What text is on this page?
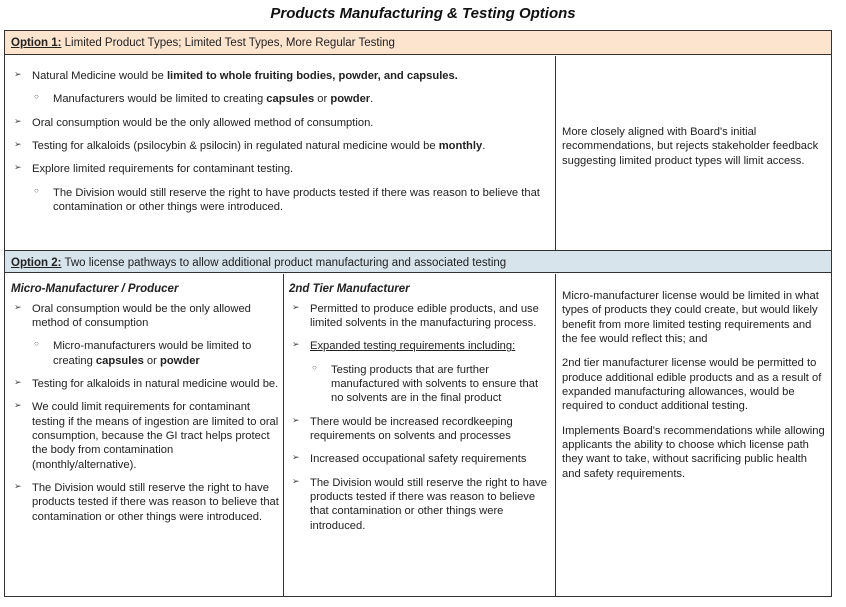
Products Manufacturing & Testing Options
Option 1: Limited Product Types; Limited Test Types, More Regular Testing
➢ Natural Medicine would be limited to whole fruiting bodies, powder, and capsules.
○ Manufacturers would be limited to creating capsules or powder.
➢ Oral consumption would be the only allowed method of consumption.
➢ Testing for alkaloids (psilocybin & psilocin) in regulated natural medicine would be monthly.
➢ Explore limited requirements for contaminant testing.
○ The Division would still reserve the right to have products tested if there was reason to believe that contamination or other things were introduced.

More closely aligned with Board's initial recommendations, but rejects stakeholder feedback suggesting limited product types will limit access.

Option 2: Two license pathways to allow additional product manufacturing and associated testing
Micro-Manufacturer / Producer
➢ Oral consumption would be the only allowed method of consumption
○ Micro-manufacturers would be limited to creating capsules or powder
➢ Testing for alkaloids in natural medicine would be.
➢ We could limit requirements for contaminant testing if the means of ingestion are limited to oral consumption, because the GI tract helps protect the body from contamination (monthly/alternative).
➢ The Division would still reserve the right to have products tested if there was reason to believe that contamination or other things were introduced.
2nd Tier Manufacturer
➢ Permitted to produce edible products, and use limited solvents in the manufacturing process.
➢ Expanded testing requirements including:
○ Testing products that are further manufactured with solvents to ensure that no solvents are in the final product
➢ There would be increased recordkeeping requirements on solvents and processes
➢ Increased occupational safety requirements
➢ The Division would still reserve the right to have products tested if there was reason to believe that contamination or other things were introduced.

Micro-manufacturer license would be limited in what types of products they could create, but would likely benefit from more limited testing requirements and the fee would reflect this; and

2nd tier manufacturer license would be permitted to produce additional edible products and as a result of expanded manufacturing allowances, would be required to conduct additional testing.

Implements Board's recommendations while allowing applicants the ability to choose which license path they want to take, without sacrificing public health and safety requirements.
